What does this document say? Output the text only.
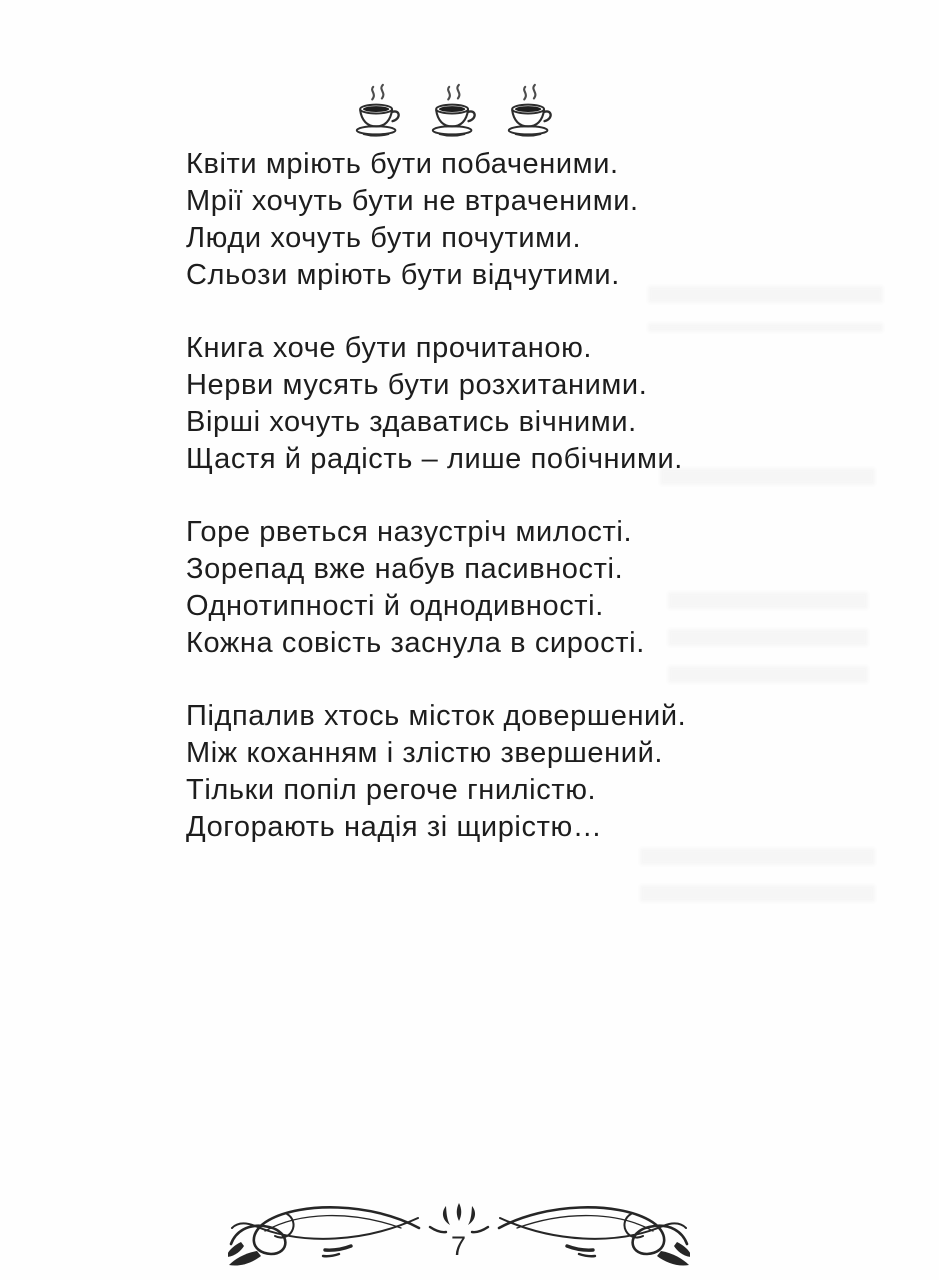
Квіти мріють бути побаченими.
Мрії хочуть бути не втраченими.
Люди хочуть бути почутими.
Сльози мріють бути відчутими.
Книга хоче бути прочитаною.
Нерви мусять бути розхитаними.
Вірші хочуть здаватись вічними.
Щастя й радість – лише побічними.
Горе рветься назустріч милості.
Зорепад вже набув пасивності.
Однотипності й однодивності.
Кожна совість заснула в сирості.
Підпалив хтось місток довершений.
Між коханням і злістю звершений.
Тільки попіл регоче гнилістю.
Догорають надія зі щирістю…
7
